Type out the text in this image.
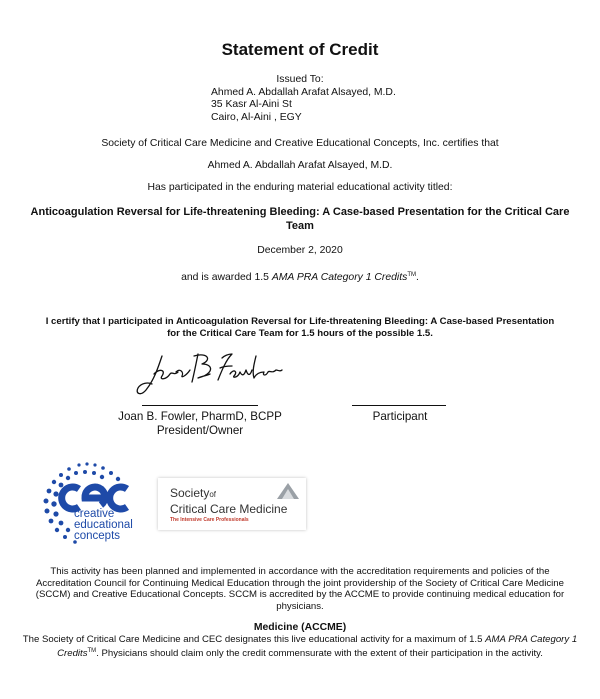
Statement of Credit
Issued To:
Ahmed A. Abdallah Arafat Alsayed, M.D.
35 Kasr Al-Aini St
Cairo, Al-Aini , EGY
Society of Critical Care Medicine and Creative Educational Concepts, Inc. certifies that
Ahmed A. Abdallah Arafat Alsayed, M.D.
Has participated in the enduring material educational activity titled:
Anticoagulation Reversal for Life-threatening Bleeding: A Case-based Presentation for the Critical Care Team
December 2, 2020
and is awarded 1.5 AMA PRA Category 1 Credits™.
I certify that I participated in Anticoagulation Reversal for Life-threatening Bleeding: A Case-based Presentation for the Critical Care Team for 1.5 hours of the possible 1.5.
Joan B. Fowler, PharmD, BCPP
President/Owner
Participant
creative
educational
concepts
Societyof
Critical Care Medicine
The Intensive Care Professionals
This activity has been planned and implemented in accordance with the accreditation requirements and policies of the Accreditation Council for Continuing Medical Education through the joint providership of the Society of Critical Care Medicine (SCCM) and Creative Educational Concepts. SCCM is accredited by the ACCME to provide continuing medical education for physicians.
Medicine (ACCME)
The Society of Critical Care Medicine and CEC designates this live educational activity for a maximum of 1.5 AMA PRA Category 1 Credits™. Physicians should claim only the credit commensurate with the extent of their participation in the activity.
